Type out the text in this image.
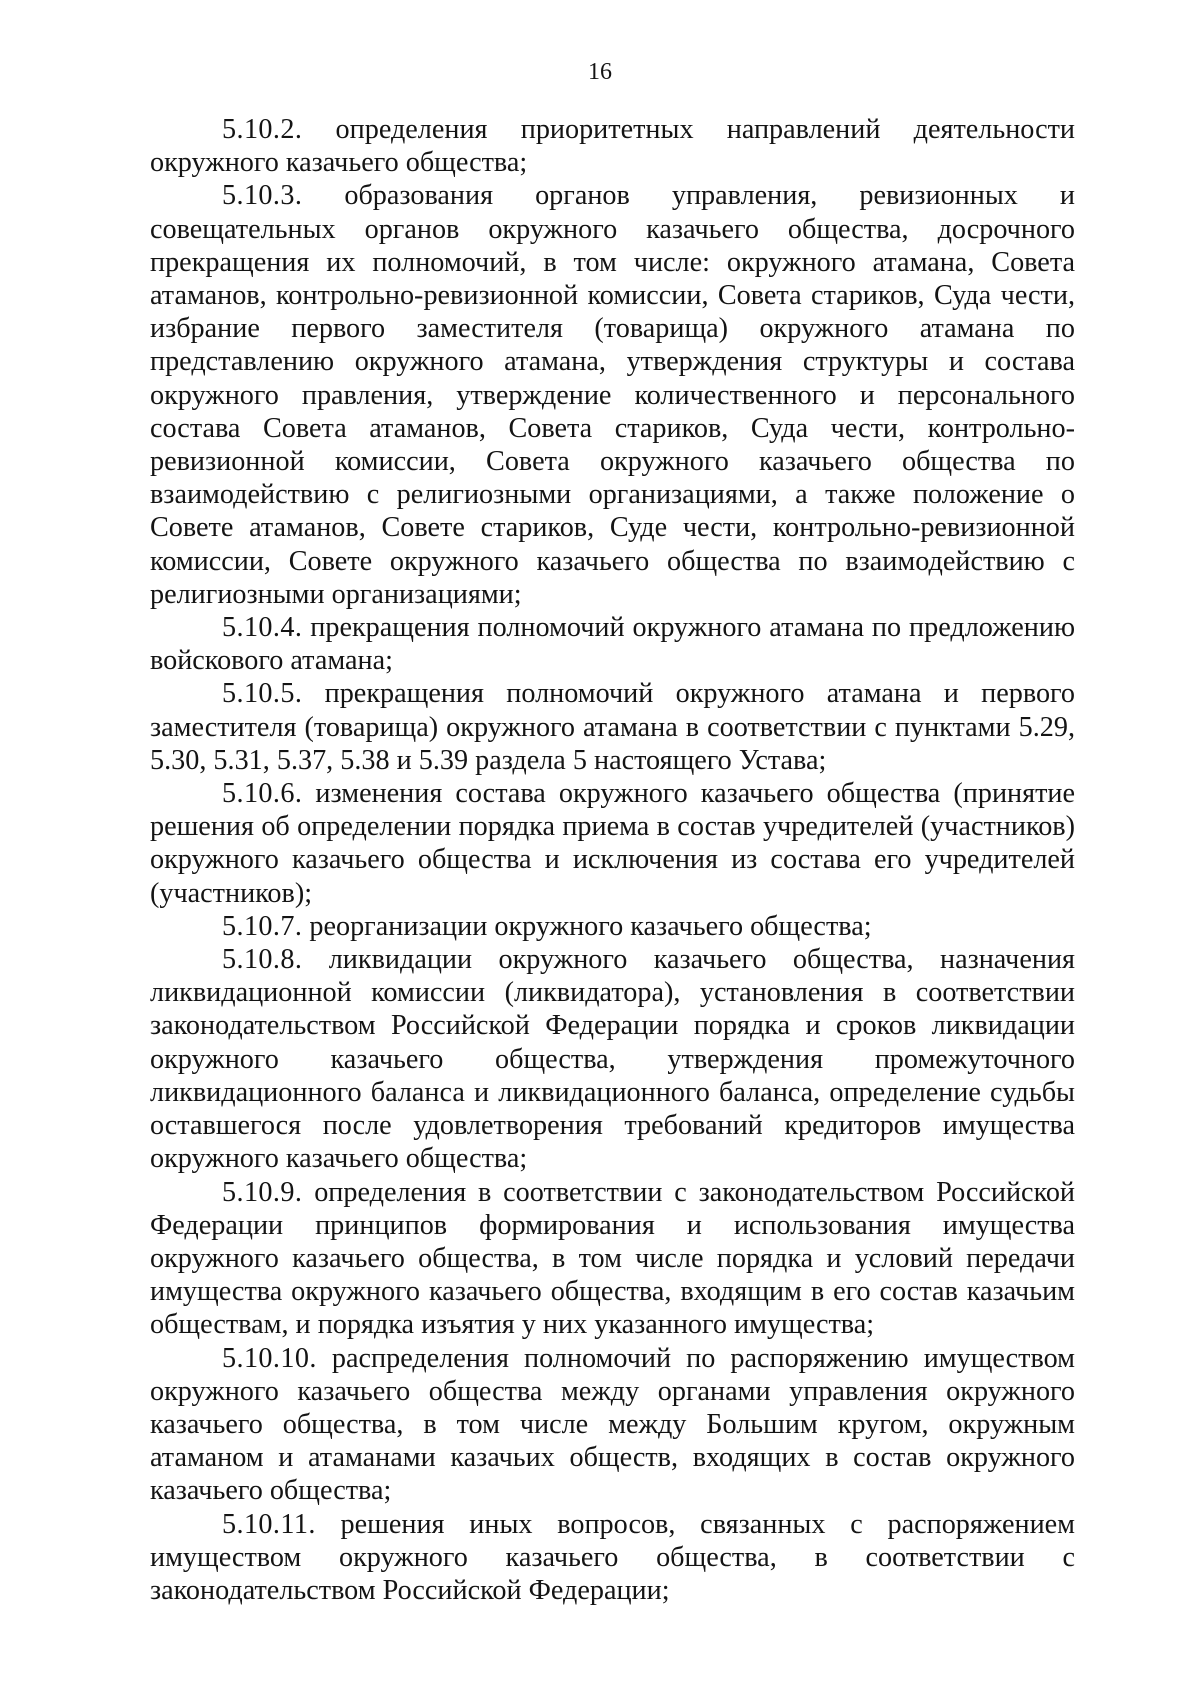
16

5.10.2. определения приоритетных направлений деятельности окружного казачьего общества;

5.10.3. образования органов управления, ревизионных и совещательных органов окружного казачьего общества, досрочного прекращения их полномочий, в том числе: окружного атамана, Совета атаманов, контрольно-ревизионной комиссии, Совета стариков, Суда чести, избрание первого заместителя (товарища) окружного атамана по представлению окружного атамана, утверждения структуры и состава окружного правления, утверждение количественного и персонального состава Совета атаманов, Совета стариков, Суда чести, контрольно-ревизионной комиссии, Совета окружного казачьего общества по взаимодействию с религиозными организациями, а также положение о Совете атаманов, Совете стариков, Суде чести, контрольно-ревизионной комиссии, Совете окружного казачьего общества по взаимодействию с религиозными организациями;

5.10.4. прекращения полномочий окружного атамана по предложению войскового атамана;

5.10.5. прекращения полномочий окружного атамана и первого заместителя (товарища) окружного атамана в соответствии с пунктами 5.29, 5.30, 5.31, 5.37, 5.38 и 5.39 раздела 5 настоящего Устава;

5.10.6. изменения состава окружного казачьего общества (принятие решения об определении порядка приема в состав учредителей (участников) окружного казачьего общества и исключения из состава его учредителей (участников);

5.10.7. реорганизации окружного казачьего общества;

5.10.8. ликвидации окружного казачьего общества, назначения ликвидационной комиссии (ликвидатора), установления в соответствии законодательством Российской Федерации порядка и сроков ликвидации окружного казачьего общества, утверждения промежуточного ликвидационного баланса и ликвидационного баланса, определение судьбы оставшегося после удовлетворения требований кредиторов имущества окружного казачьего общества;

5.10.9. определения в соответствии с законодательством Российской Федерации принципов формирования и использования имущества окружного казачьего общества, в том числе порядка и условий передачи имущества окружного казачьего общества, входящим в его состав казачьим обществам, и порядка изъятия у них указанного имущества;

5.10.10. распределения полномочий по распоряжению имуществом окружного казачьего общества между органами управления окружного казачьего общества, в том числе между Большим кругом, окружным атаманом и атаманами казачьих обществ, входящих в состав окружного казачьего общества;

5.10.11. решения иных вопросов, связанных с распоряжением имуществом окружного казачьего общества, в соответствии с законодательством Российской Федерации;
